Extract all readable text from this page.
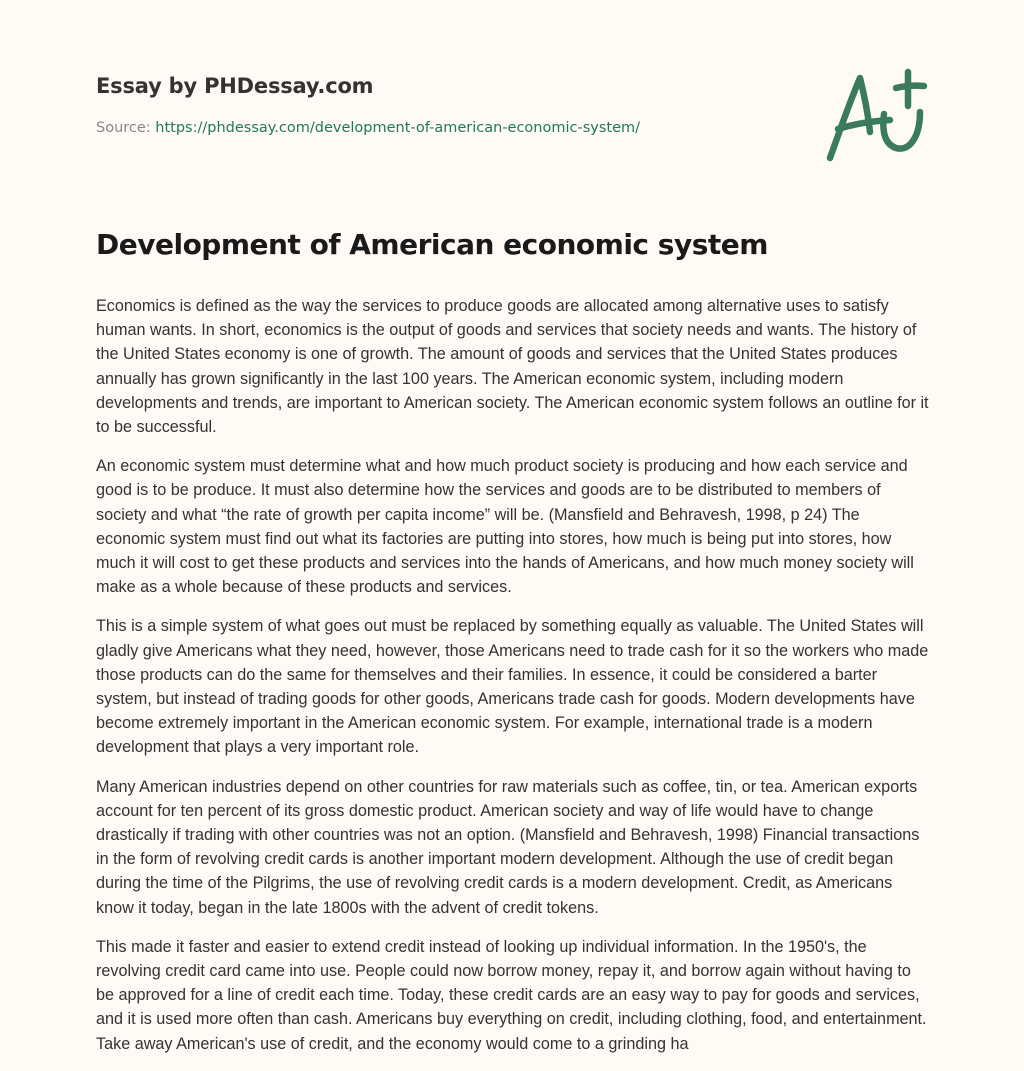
Essay by PHDessay.com
Source: https://phdessay.com/development-of-american-economic-system/
Development of American economic system

Economics is defined as the way the services to produce goods are allocated among alternative uses to satisfy human wants. In short, economics is the output of goods and services that society needs and wants. The history of the United States economy is one of growth. The amount of goods and services that the United States produces annually has grown significantly in the last 100 years. The American economic system, including modern developments and trends, are important to American society. The American economic system follows an outline for it to be successful.

An economic system must determine what and how much product society is producing and how each service and good is to be produce. It must also determine how the services and goods are to be distributed to members of society and what “the rate of growth per capita income” will be. (Mansfield and Behravesh, 1998, p 24) The economic system must find out what its factories are putting into stores, how much is being put into stores, how much it will cost to get these products and services into the hands of Americans, and how much money society will make as a whole because of these products and services.

This is a simple system of what goes out must be replaced by something equally as valuable. The United States will gladly give Americans what they need, however, those Americans need to trade cash for it so the workers who made those products can do the same for themselves and their families. In essence, it could be considered a barter system, but instead of trading goods for other goods, Americans trade cash for goods. Modern developments have become extremely important in the American economic system. For example, international trade is a modern development that plays a very important role.

Many American industries depend on other countries for raw materials such as coffee, tin, or tea. American exports account for ten percent of its gross domestic product. American society and way of life would have to change drastically if trading with other countries was not an option. (Mansfield and Behravesh, 1998) Financial transactions in the form of revolving credit cards is another important modern development. Although the use of credit began during the time of the Pilgrims, the use of revolving credit cards is a modern development. Credit, as Americans know it today, began in the late 1800s with the advent of credit tokens.

This made it faster and easier to extend credit instead of looking up individual information. In the 1950's, the revolving credit card came into use. People could now borrow money, repay it, and borrow again without having to be approved for a line of credit each time. Today, these credit cards are an easy way to pay for goods and services, and it is used more often than cash. Americans buy everything on credit, including clothing, food, and entertainment. Take away American's use of credit, and the economy would come to a grinding ha
